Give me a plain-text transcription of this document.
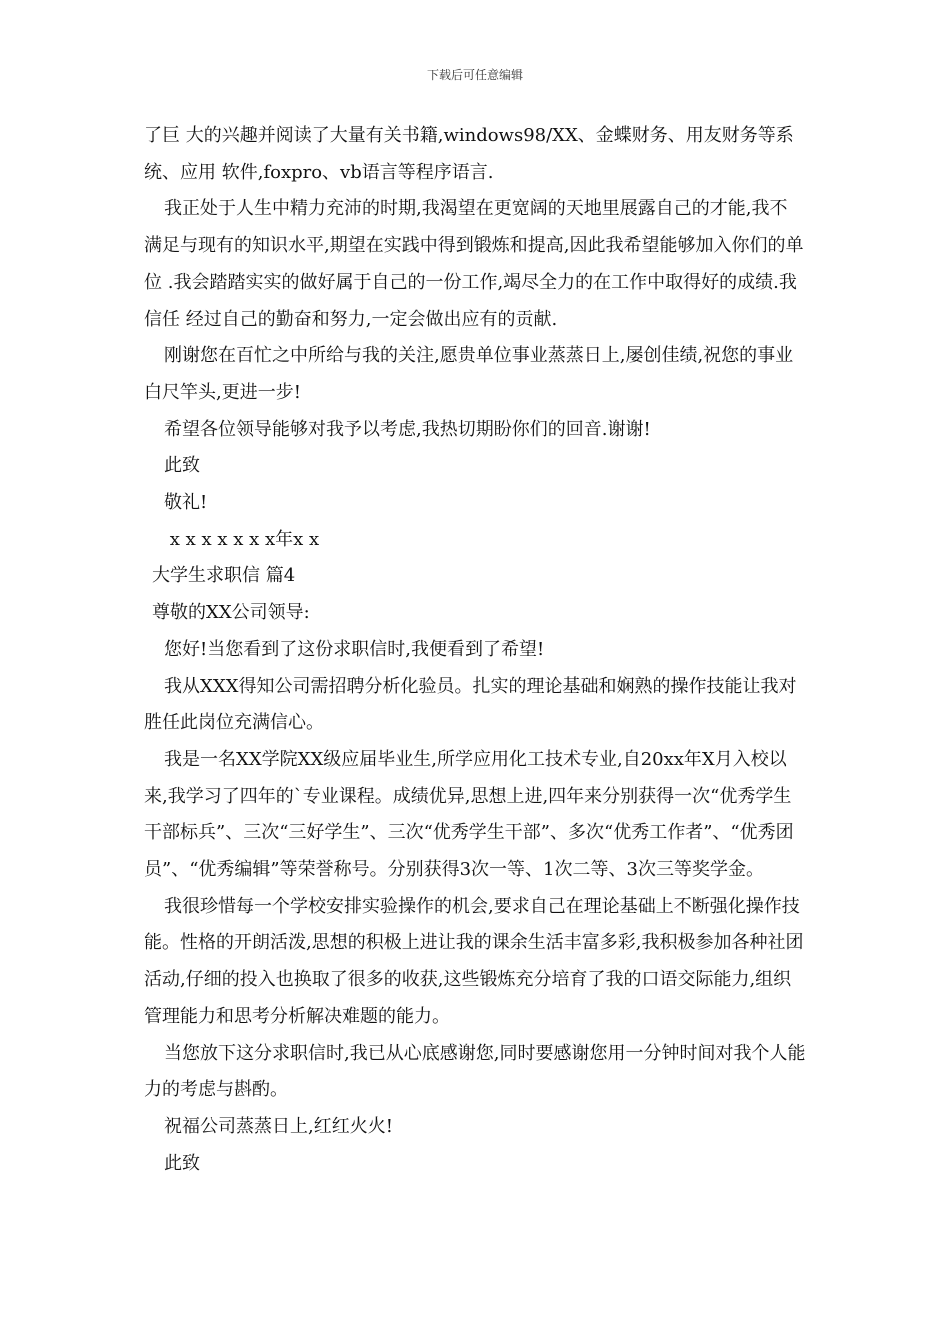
下载后可任意编辑

了巨 大的兴趣并阅读了大量有关书籍,windows98/XX、金蝶财务、用友财务等系统、应用 软件,foxpro、vb语言等程序语言.

我正处于人生中精力充沛的时期,我渴望在更宽阔的天地里展露自己的才能,我不 满足与现有的知识水平,期望在实践中得到锻炼和提高,因此我希望能够加入你们的单位 .我会踏踏实实的做好属于自己的一份工作,竭尽全力的在工作中取得好的成绩.我信任 经过自己的勤奋和努力,一定会做出应有的贡献.

刚谢您在百忙之中所给与我的关注,愿贵单位事业蒸蒸日上,屡创佳绩,祝您的事业 白尺竿头,更进一步!

希望各位领导能够对我予以考虑,我热切期盼你们的回音.谢谢!

此致

敬礼!

x x x x x x x年x x

大学生求职信 篇4

尊敬的XX公司领导:

您好!当您看到了这份求职信时,我便看到了希望!

我从XXX得知公司需招聘分析化验员。扎实的理论基础和娴熟的操作技能让我对胜任此岗位充满信心。

我是一名XX学院XX级应届毕业生,所学应用化工技术专业,自20xx年X月入校以来,我学习了四年的`专业课程。成绩优异,思想上进,四年来分别获得一次“优秀学生干部标兵”、三次“三好学生”、三次“优秀学生干部”、多次“优秀工作者”、“优秀团员”、“优秀编辑”等荣誉称号。分别获得3次一等、1次二等、3次三等奖学金。

我很珍惜每一个学校安排实验操作的机会,要求自己在理论基础上不断强化操作技能。性格的开朗活泼,思想的积极上进让我的课余生活丰富多彩,我积极参加各种社团活动,仔细的投入也换取了很多的收获,这些锻炼充分培育了我的口语交际能力,组织管理能力和思考分析解决难题的能力。

当您放下这分求职信时,我已从心底感谢您,同时要感谢您用一分钟时间对我个人能力的考虑与斟酌。

祝福公司蒸蒸日上,红红火火!

此致
